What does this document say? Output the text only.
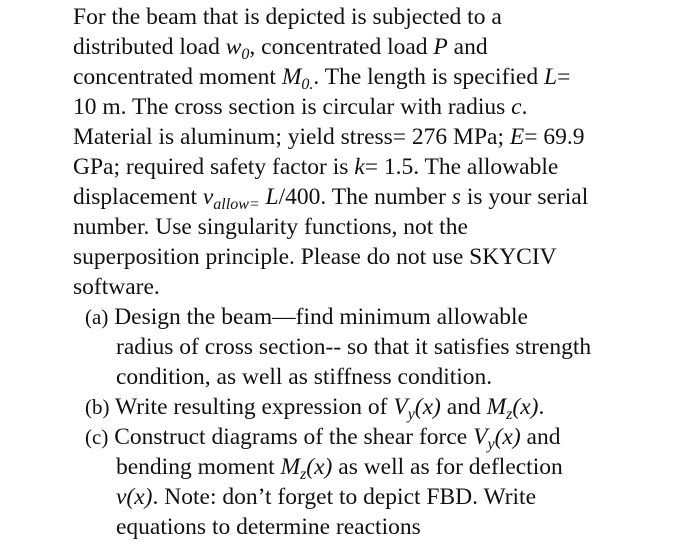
For the beam that is depicted is subjected to a
distributed load $w_0$, concentrated load P and
concentrated moment $M_{0.}$. The length is specified L=
10 m. The cross section is circular with radius c.
Material is aluminum; yield stress= 276 MPa; E= 69.9
GPa; required safety factor is k= 1.5. The allowable
displacement $v_{allow=}$ L/400. The number s is your serial
number. Use singularity functions, not the
superposition principle. Please do not use SKYCIV
software.
(a) Design the beam—find minimum allowable
radius of cross section-- so that it satisfies strength
condition, as well as stiffness condition.
(b) Write resulting expression of $V_y(x)$ and $M_z(x)$.
(c) Construct diagrams of the shear force $V_y(x)$ and
bending moment $M_z(x)$ as well as for deflection
v(x). Note: don’t forget to depict FBD. Write
equations to determine reactions
